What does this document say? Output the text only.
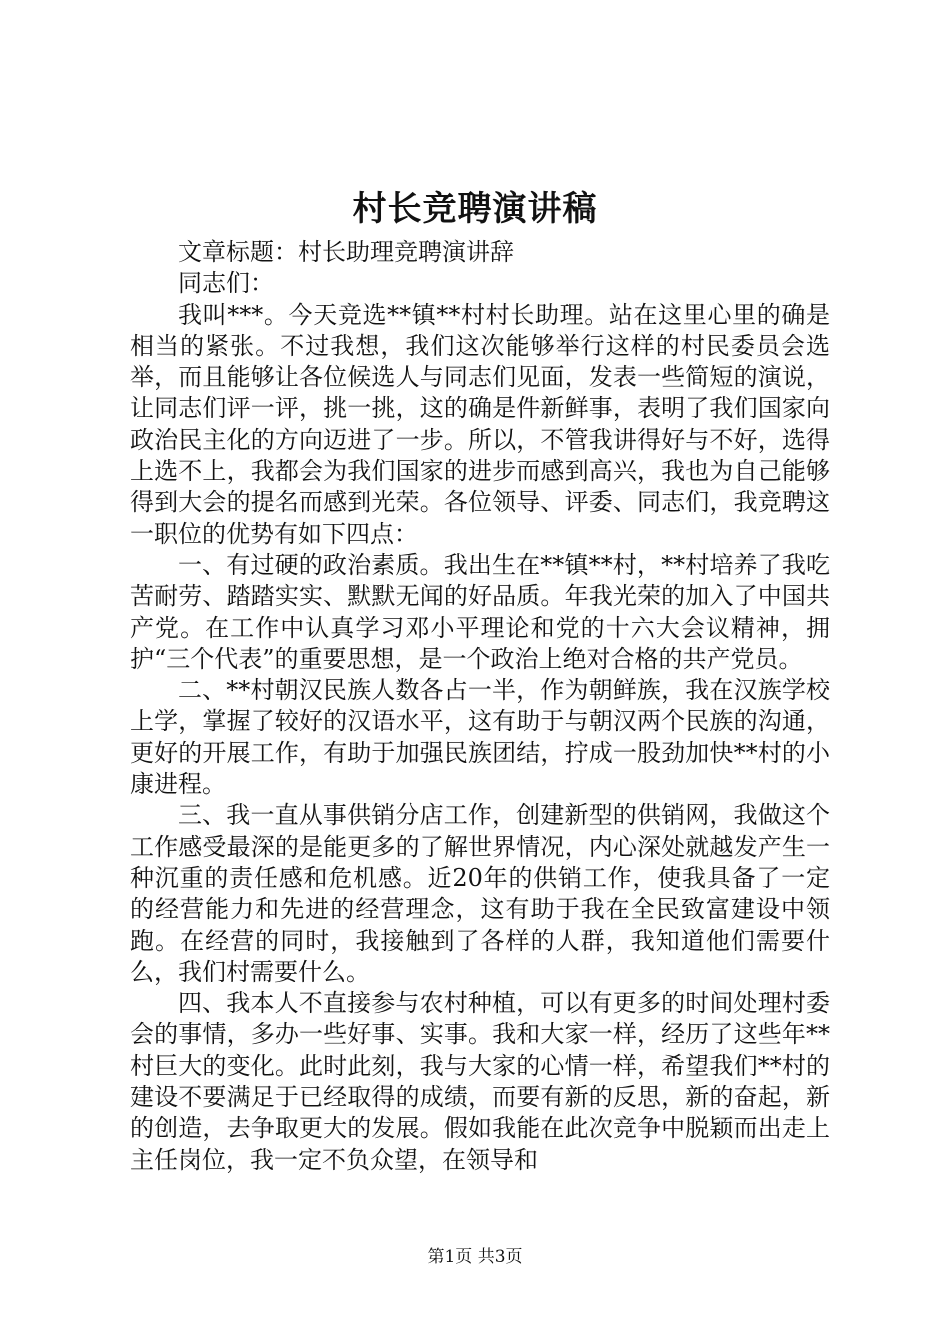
村长竞聘演讲稿

文章标题：村长助理竞聘演讲辞

同志们：

我叫***。今天竞选**镇**村村长助理。站在这里心里的确是相当的紧张。不过我想，我们这次能够举行这样的村民委员会选举，而且能够让各位候选人与同志们见面，发表一些简短的演说，让同志们评一评，挑一挑，这的确是件新鲜事，表明了我们国家向政治民主化的方向迈进了一步。所以，不管我讲得好与不好，选得上选不上，我都会为我们国家的进步而感到高兴，我也为自己能够得到大会的提名而感到光荣。各位领导、评委、同志们，我竞聘这一职位的优势有如下四点：

一、有过硬的政治素质。我出生在**镇**村，**村培养了我吃苦耐劳、踏踏实实、默默无闻的好品质。年我光荣的加入了中国共产党。在工作中认真学习邓小平理论和党的十六大会议精神，拥护“三个代表”的重要思想，是一个政治上绝对合格的共产党员。

二、**村朝汉民族人数各占一半，作为朝鲜族，我在汉族学校上学，掌握了较好的汉语水平，这有助于与朝汉两个民族的沟通，更好的开展工作，有助于加强民族团结，拧成一股劲加快**村的小康进程。

三、我一直从事供销分店工作，创建新型的供销网，我做这个工作感受最深的是能更多的了解世界情况，内心深处就越发产生一种沉重的责任感和危机感。近20年的供销工作，使我具备了一定的经营能力和先进的经营理念，这有助于我在全民致富建设中领跑。在经营的同时，我接触到了各样的人群，我知道他们需要什么，我们村需要什么。

四、我本人不直接参与农村种植，可以有更多的时间处理村委会的事情，多办一些好事、实事。我和大家一样，经历了这些年**村巨大的变化。此时此刻，我与大家的心情一样，希望我们**村的建设不要满足于已经取得的成绩，而要有新的反思，新的奋起，新的创造，去争取更大的发展。假如我能在此次竞争中脱颖而出走上主任岗位，我一定不负众望，在领导和

第1页 共3页
